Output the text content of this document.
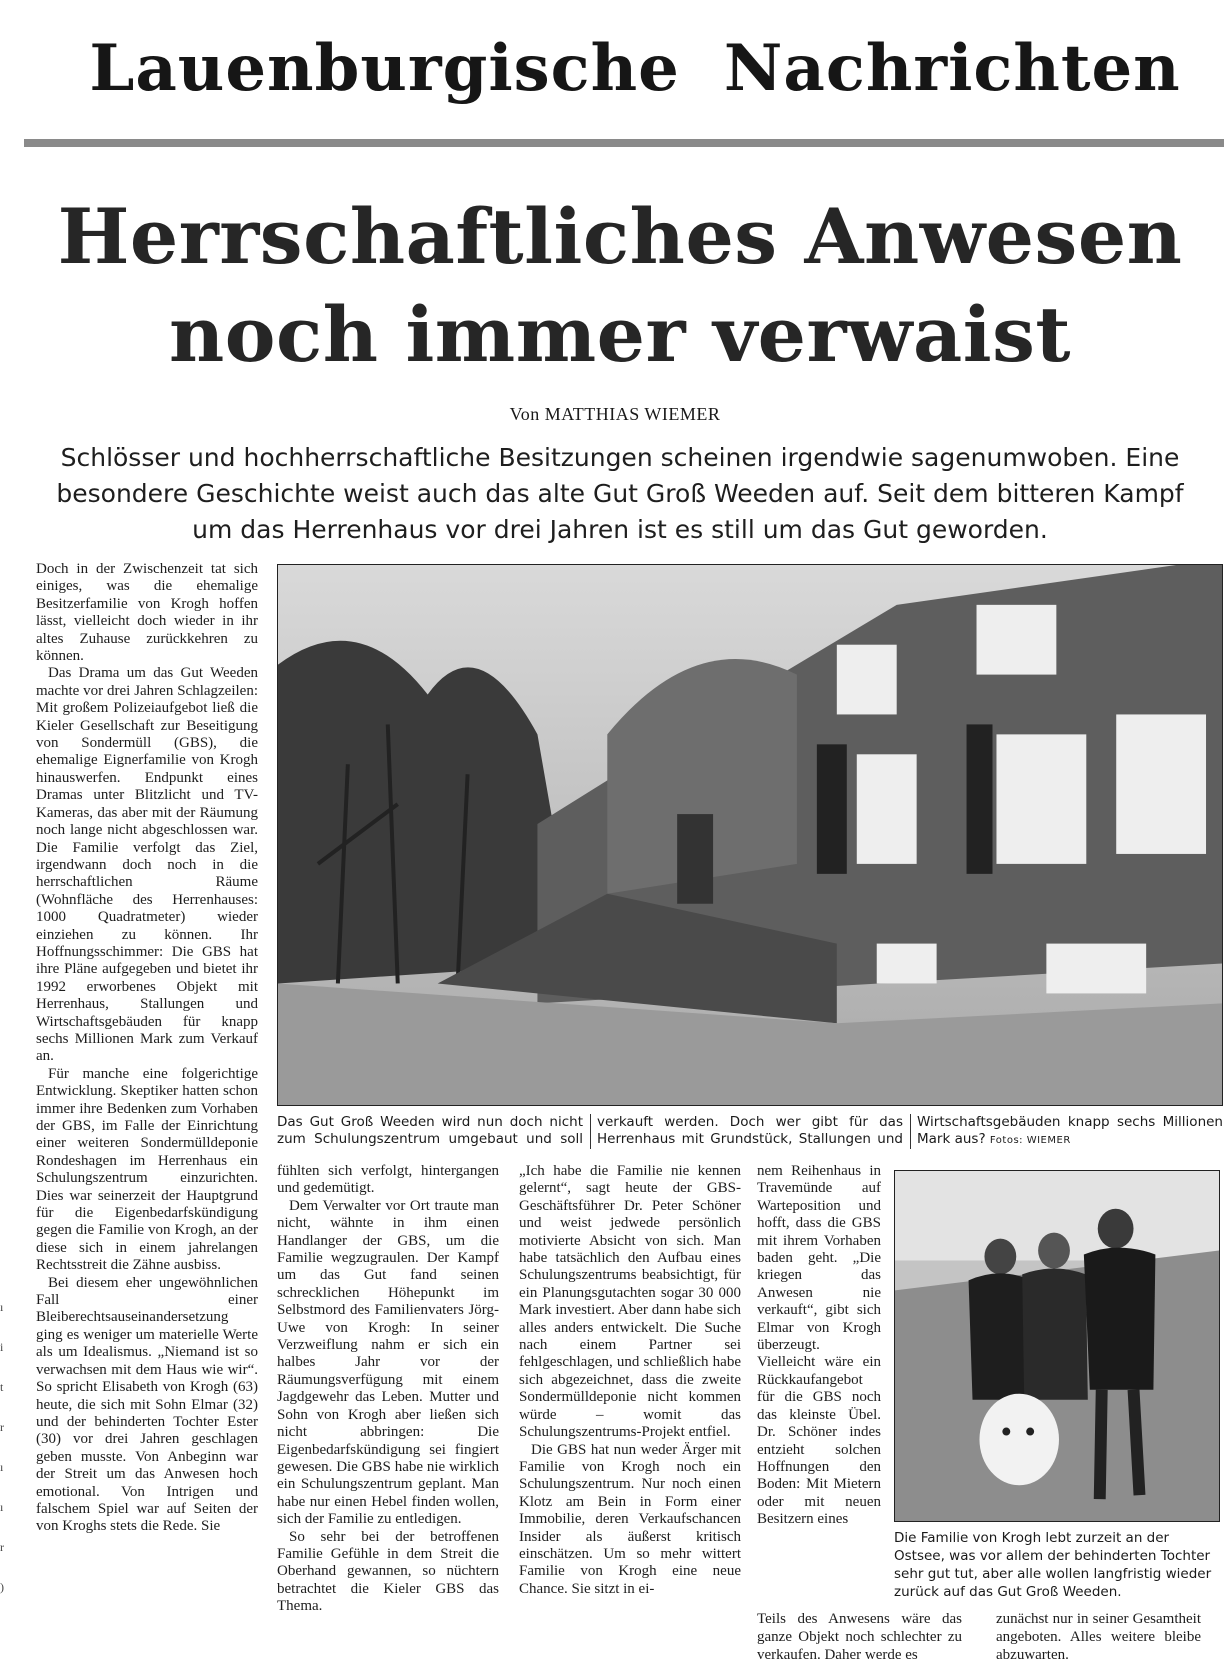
Lauenburgische Nachrichten
Herrschaftliches Anwesen
noch immer verwaist
Von MATTHIAS WIEMER

Schlösser und hochherrschaftliche Besitzungen scheinen irgendwie sagenumwoben. Eine besondere Geschichte weist auch das alte Gut Groß Weeden auf. Seit dem bitteren Kampf um das Herrenhaus vor drei Jahren ist es still um das Gut geworden.

Doch in der Zwischenzeit tat sich einiges, was die ehemalige Besitzerfamilie von Krogh hoffen lässt, vielleicht doch wieder in ihr altes Zuhause zurückkehren zu können.

Das Drama um das Gut Weeden machte vor drei Jahren Schlagzeilen: Mit großem Polizeiaufgebot ließ die Kieler Gesellschaft zur Beseitigung von Sondermüll (GBS), die ehemalige Eignerfamilie von Krogh hinauswerfen. Endpunkt eines Dramas unter Blitzlicht und TV-Kameras, das aber mit der Räumung noch lange nicht abgeschlossen war. Die Familie verfolgt das Ziel, irgendwann doch noch in die herrschaftlichen Räume (Wohnfläche des Herrenhauses: 1000 Quadratmeter) wieder einziehen zu können. Ihr Hoffnungsschimmer: Die GBS hat ihre Pläne aufgegeben und bietet ihr 1992 erworbenes Objekt mit Herrenhaus, Stallungen und Wirtschaftsgebäuden für knapp sechs Millionen Mark zum Verkauf an.

Für manche eine folgerichtige Entwicklung. Skeptiker hatten schon immer ihre Bedenken zum Vorhaben der GBS, im Falle der Einrichtung einer weiteren Sondermülldeponie Rondeshagen im Herrenhaus ein Schulungszentrum einzurichten. Dies war seinerzeit der Hauptgrund für die Eigenbedarfskündigung gegen die Familie von Krogh, an der diese sich in einem jahrelangen Rechtsstreit die Zähne ausbiss.

Bei diesem eher ungewöhnlichen Fall einer Bleiberechtsauseinandersetzung ging es weniger um materielle Werte als um Idealismus. „Niemand ist so verwachsen mit dem Haus wie wir“. So spricht Elisabeth von Krogh (63) heute, die sich mit Sohn Elmar (32) und der behinderten Tochter Ester (30) vor drei Jahren geschlagen geben musste. Von Anbeginn war der Streit um das Anwesen hoch emotional. Von Intrigen und falschem Spiel war auf Seiten der von Kroghs stets die Rede. Sie

Das Gut Groß Weeden wird nun doch nicht zum Schulungszentrum umgebaut und soll verkauft werden. Doch wer gibt für das Herrenhaus mit Grundstück, Stallungen und Wirtschaftsgebäuden knapp sechs Millionen Mark aus? Fotos: WIEMER

fühlten sich verfolgt, hintergangen und gedemütigt.

Dem Verwalter vor Ort traute man nicht, wähnte in ihm einen Handlanger der GBS, um die Familie wegzugraulen. Der Kampf um das Gut fand seinen schrecklichen Höhepunkt im Selbstmord des Familienvaters Jörg-Uwe von Krogh: In seiner Verzweiflung nahm er sich ein halbes Jahr vor der Räumungsverfügung mit einem Jagdgewehr das Leben. Mutter und Sohn von Krogh aber ließen sich nicht abbringen: Die Eigenbedarfskündigung sei fingiert gewesen. Die GBS habe nie wirklich ein Schulungszentrum geplant. Man habe nur einen Hebel finden wollen, sich der Familie zu entledigen.

So sehr bei der betroffenen Familie Gefühle in dem Streit die Oberhand gewannen, so nüchtern betrachtet die Kieler GBS das Thema.

„Ich habe die Familie nie kennen gelernt“, sagt heute der GBS-Geschäftsführer Dr. Peter Schöner und weist jedwede persönlich motivierte Absicht von sich. Man habe tatsächlich den Aufbau eines Schulungszentrums beabsichtigt, für ein Planungsgutachten sogar 30 000 Mark investiert. Aber dann habe sich alles anders entwickelt. Die Suche nach einem Partner sei fehlgeschlagen, und schließlich habe sich abgezeichnet, dass die zweite Sondermülldeponie nicht kommen würde – womit das Schulungszentrums-Projekt entfiel.

Die GBS hat nun weder Ärger mit Familie von Krogh noch ein Schulungszentrum. Nur noch einen Klotz am Bein in Form einer Immobilie, deren Verkaufschancen Insider als äußerst kritisch einschätzen. Um so mehr wittert Familie von Krogh eine neue Chance. Sie sitzt in ei-

nem Reihenhaus in Travemünde auf Warteposition und hofft, dass die GBS mit ihrem Vorhaben baden geht. „Die kriegen das Anwesen nie verkauft“, gibt sich Elmar von Krogh überzeugt. Vielleicht wäre ein Rückkaufangebot für die GBS noch das kleinste Übel. Dr. Schöner indes entzieht solchen Hoffnungen den Boden: Mit Mietern oder mit neuen Besitzern eines

Die Familie von Krogh lebt zurzeit an der Ostsee, was vor allem der behinderten Tochter sehr gut tut, aber alle wollen langfristig wieder zurück auf das Gut Groß Weeden.

Teils des Anwesens wäre das ganze Objekt noch schlechter zu verkaufen. Daher werde es

zunächst nur in seiner Gesamtheit angeboten. Alles weitere bleibe abzuwarten.

ı
i
t
r
ı
ı
r
)
